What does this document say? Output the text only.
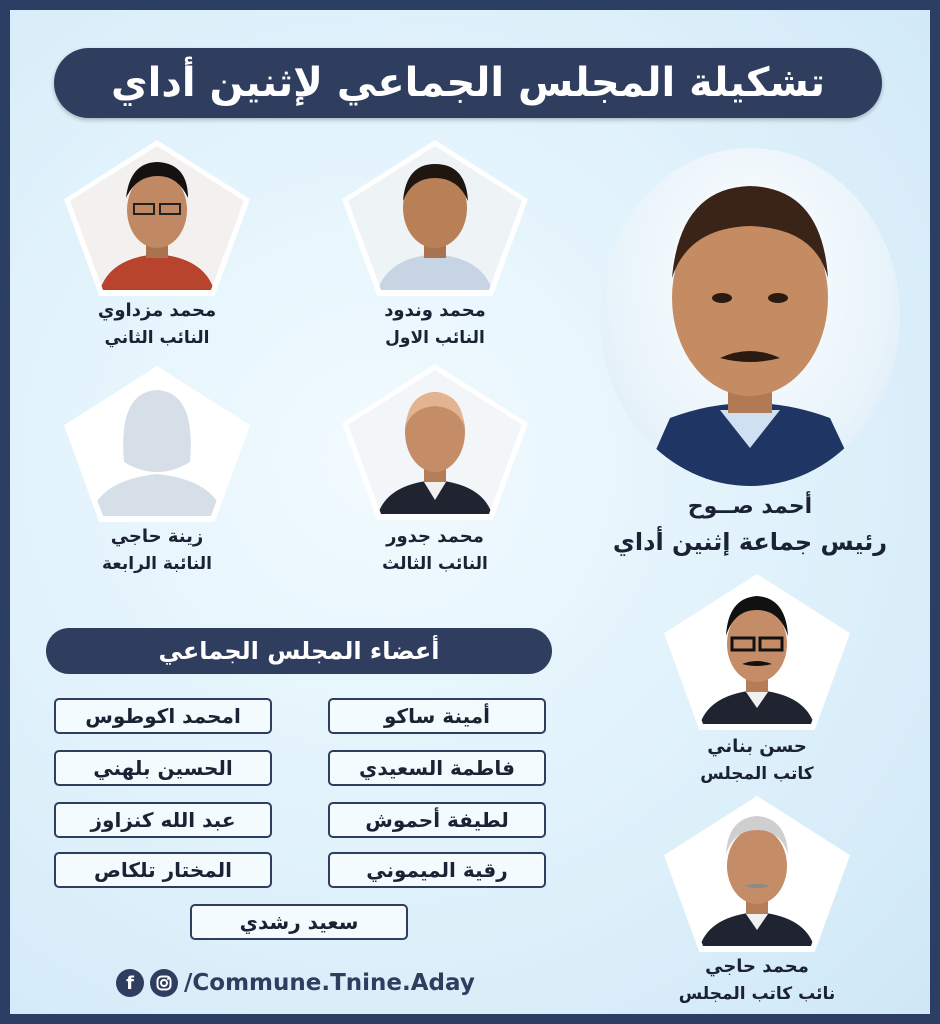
تشكيلة المجلس الجماعي لإثنين أداي
أحمد صــوح
رئيس جماعة إثنين أداي
محمد وندود
النائب الاول
محمد مزداوي
النائب الثاني
محمد جدور
النائب الثالث
زينة حاجي
النائبة الرابعة
حسن بناني
كاتب المجلس
محمد حاجي
نائب كاتب المجلس
أعضاء المجلس الجماعي
أمينة ساكو
امحمد اكوطوس
فاطمة السعيدي
الحسين بلهني
لطيفة أحموش
عبد الله كنزاوز
رقية الميموني
المختار تلكاص
سعيد رشدي
f	/Commune.Tnine.Aday
